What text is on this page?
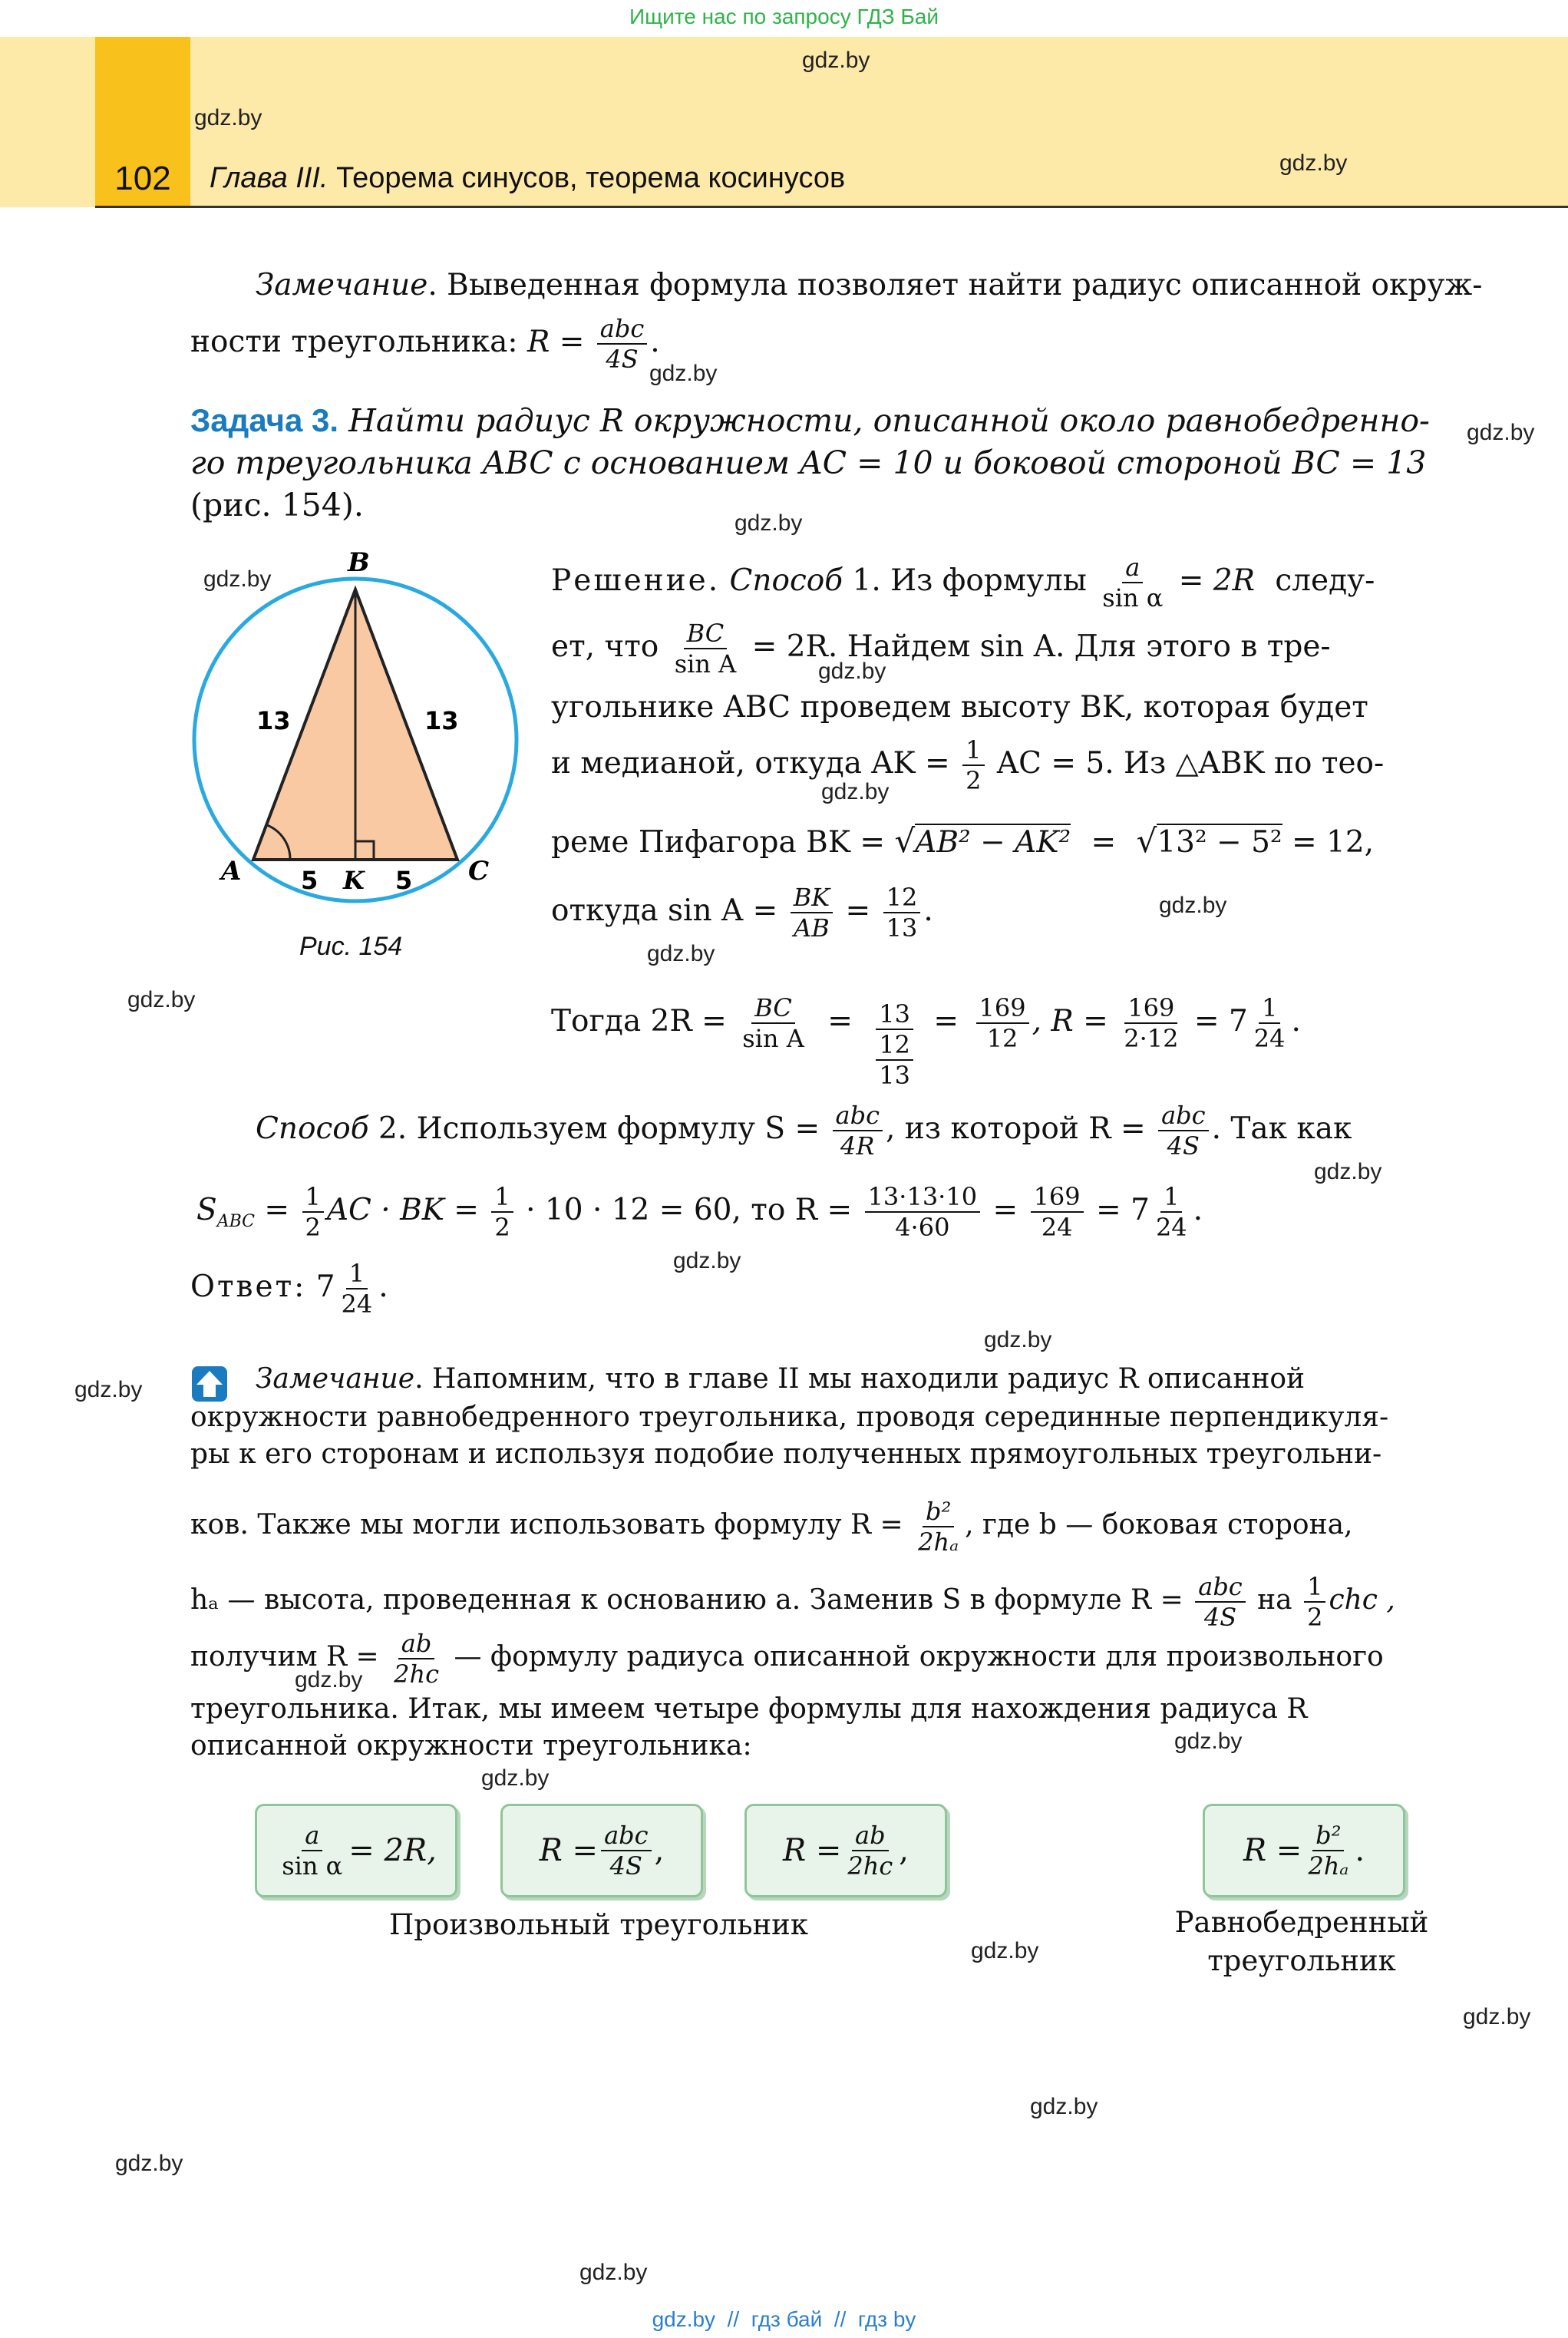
Ищите нас по запросу ГДЗ Бай
gdz.by  //  гдз бай  //  гдз by
102	Глава III. Теорема синусов, теорема косинусов
gdz.by
gdz.by
gdz.by
gdz.by
gdz.by
gdz.by
gdz.by
gdz.by
gdz.by
gdz.by
gdz.by
gdz.by
gdz.by
gdz.by
gdz.by
gdz.by
gdz.by
gdz.by
gdz.by
gdz.by
gdz.by
gdz.by
gdz.by
gdz.by
Замечание. Выведенная формула позволяет найти радиус описанной окруж-
ности треугольника: $R = \frac{\text{abc}}{4S}$ .
Задача 3. Найти радиус R окружности, описанной около равнобедренно-
го треугольника ABC с основанием AC = 10 и боковой стороной BC = 13
(рис. 154).
B
A	C
K
13	13
5	5
Рис. 154
Решение. Способ 1. Из формулы $\frac{a}{\text{sin α}} = 2R$ следу-
ет, что $\frac{BC}{\text{sin A}} = 2R$. Найдем sin A. Для этого в тре-
угольнике ABC проведем высоту BK, которая будет
и медианой, откуда AK = $\frac{1}{2}$ AC = 5. Из △ABK по тео-
реме Пифагора BK = √AB² − AK² = √13² − 5² = 12,
откуда $\sin A = \frac{BK}{AB} = \frac{12}{13}$ .
Тогда $2R = \frac{BC}{\text{sin A}} = \frac{13}{\frac{12}{13}} = \frac{169}{12}$ , $R = \frac{169}{2\cdot 12} = 7 \frac{1}{24}$ .
Способ 2. Используем формулу $S = \frac{\text{abc}}{4R}$ , из которой $R = \frac{\text{abc}}{4S}$ . Так как
$S_{ABC} = \frac{1}{2}$ AC · BK = $\frac{1}{2} \cdot 10 \cdot 12 = 60$, то $R = \frac{13\cdot 13\cdot 10}{4\cdot 60} = \frac{169}{24} = 7 \frac{1}{24}$ .
Ответ: $7 \frac{1}{24}$ .
Замечание. Напомним, что в главе II мы находили радиус R описанной
окружности равнобедренного треугольника, проводя серединные перпендикуля-
ры к его сторонам и используя подобие полученных прямоугольных треугольни-
ков. Также мы могли использовать формулу $R = \frac{\text{b²}}{\text{2hₐ}}$ , где b — боковая сторона,
hₐ — высота, проведенная к основанию a. Заменив S в формуле $R = \frac{\text{abc}}{4S}$ на $\frac{1}{2}$ chc ,
получим $R = \frac{ab}{2hc}$ — формулу радиуса описанной окружности для произвольного
треугольника. Итак, мы имеем четыре формулы для нахождения радиуса R
описанной окружности треугольника:
$\frac{a}{\text{sin α}} = 2R$,	$R = \frac{\text{abc}}{4S}$ ,	$R = \frac{ab}{2hc}$ ,	$R = \frac{\text{b²}}{\text{2hₐ}}$ .
Произвольный треугольник	Равнобедренный
треугольник
